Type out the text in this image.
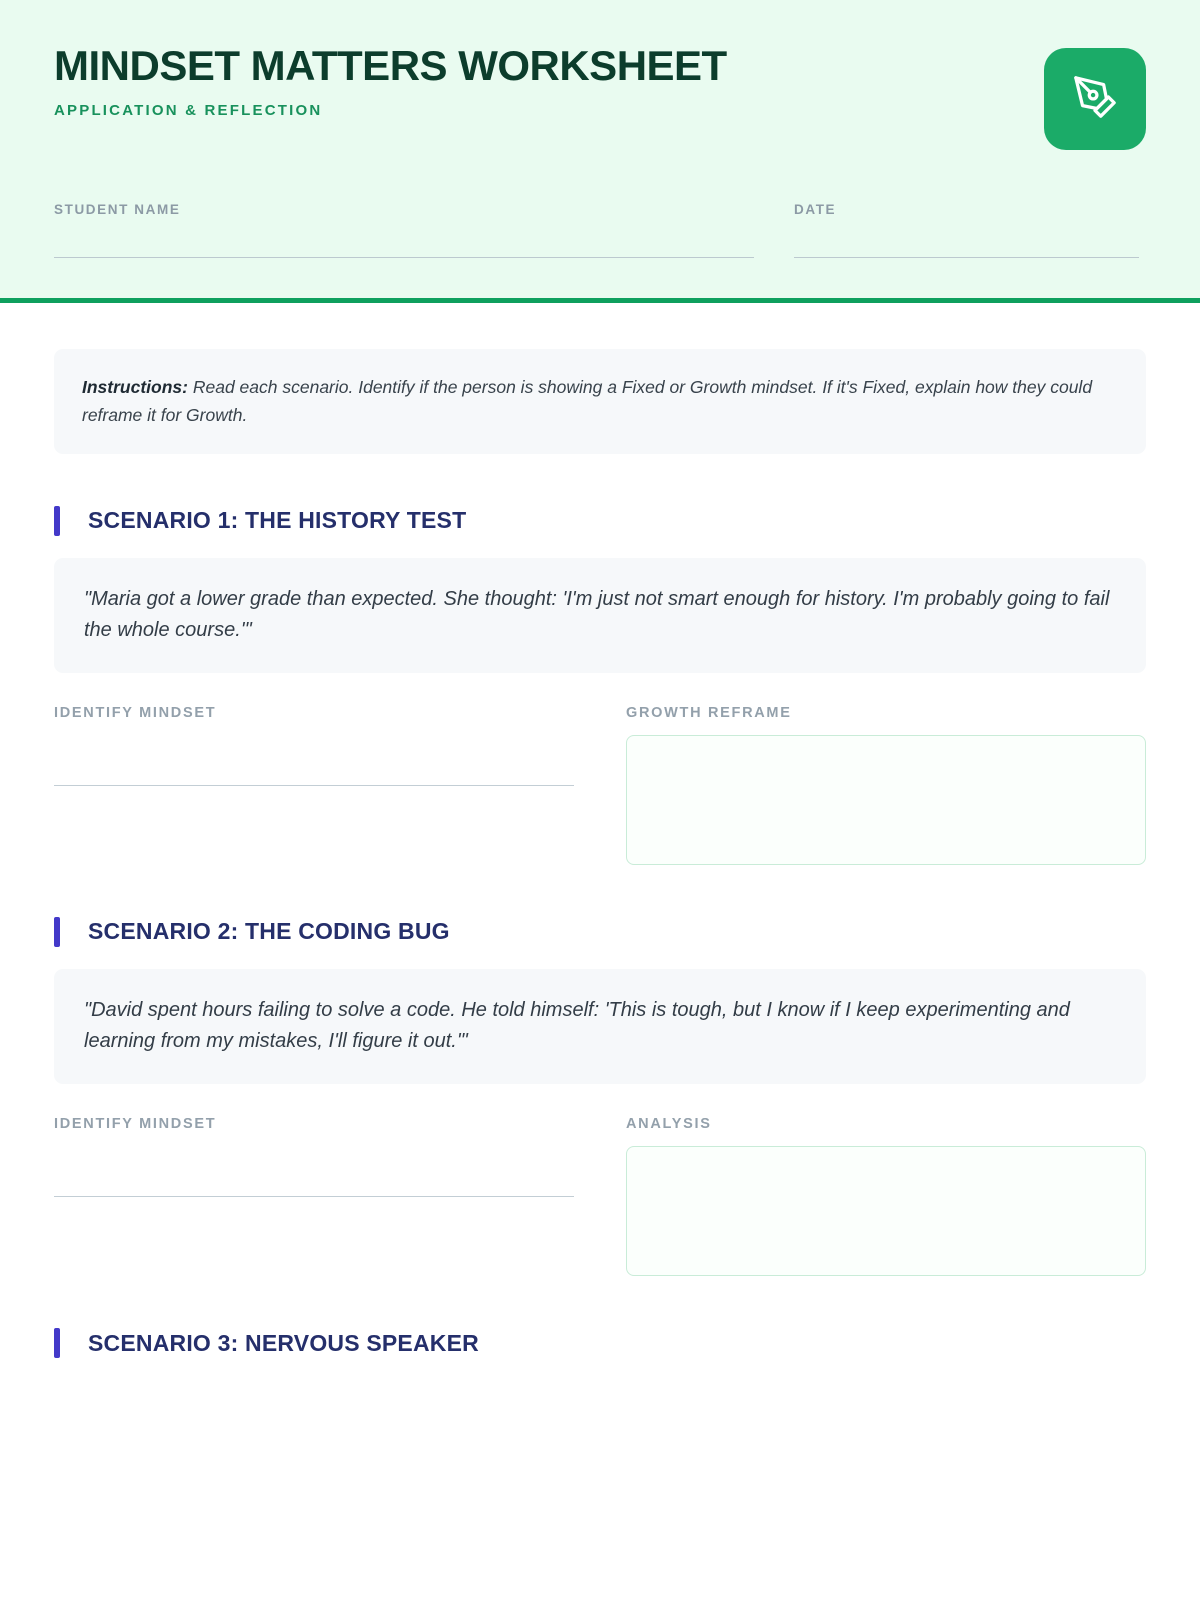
MINDSET MATTERS WORKSHEET
APPLICATION & REFLECTION
STUDENT NAME	DATE
Instructions: Read each scenario. Identify if the person is showing a Fixed or Growth mindset. If it's Fixed, explain how they could reframe it for Growth.
SCENARIO 1: THE HISTORY TEST
"Maria got a lower grade than expected. She thought: 'I'm just not smart enough for history. I'm probably going to fail the whole course.'"
IDENTIFY MINDSET	GROWTH REFRAME
SCENARIO 2: THE CODING BUG
"David spent hours failing to solve a code. He told himself: 'This is tough, but I know if I keep experimenting and learning from my mistakes, I'll figure it out.'"
IDENTIFY MINDSET	ANALYSIS
SCENARIO 3: NERVOUS SPEAKER
